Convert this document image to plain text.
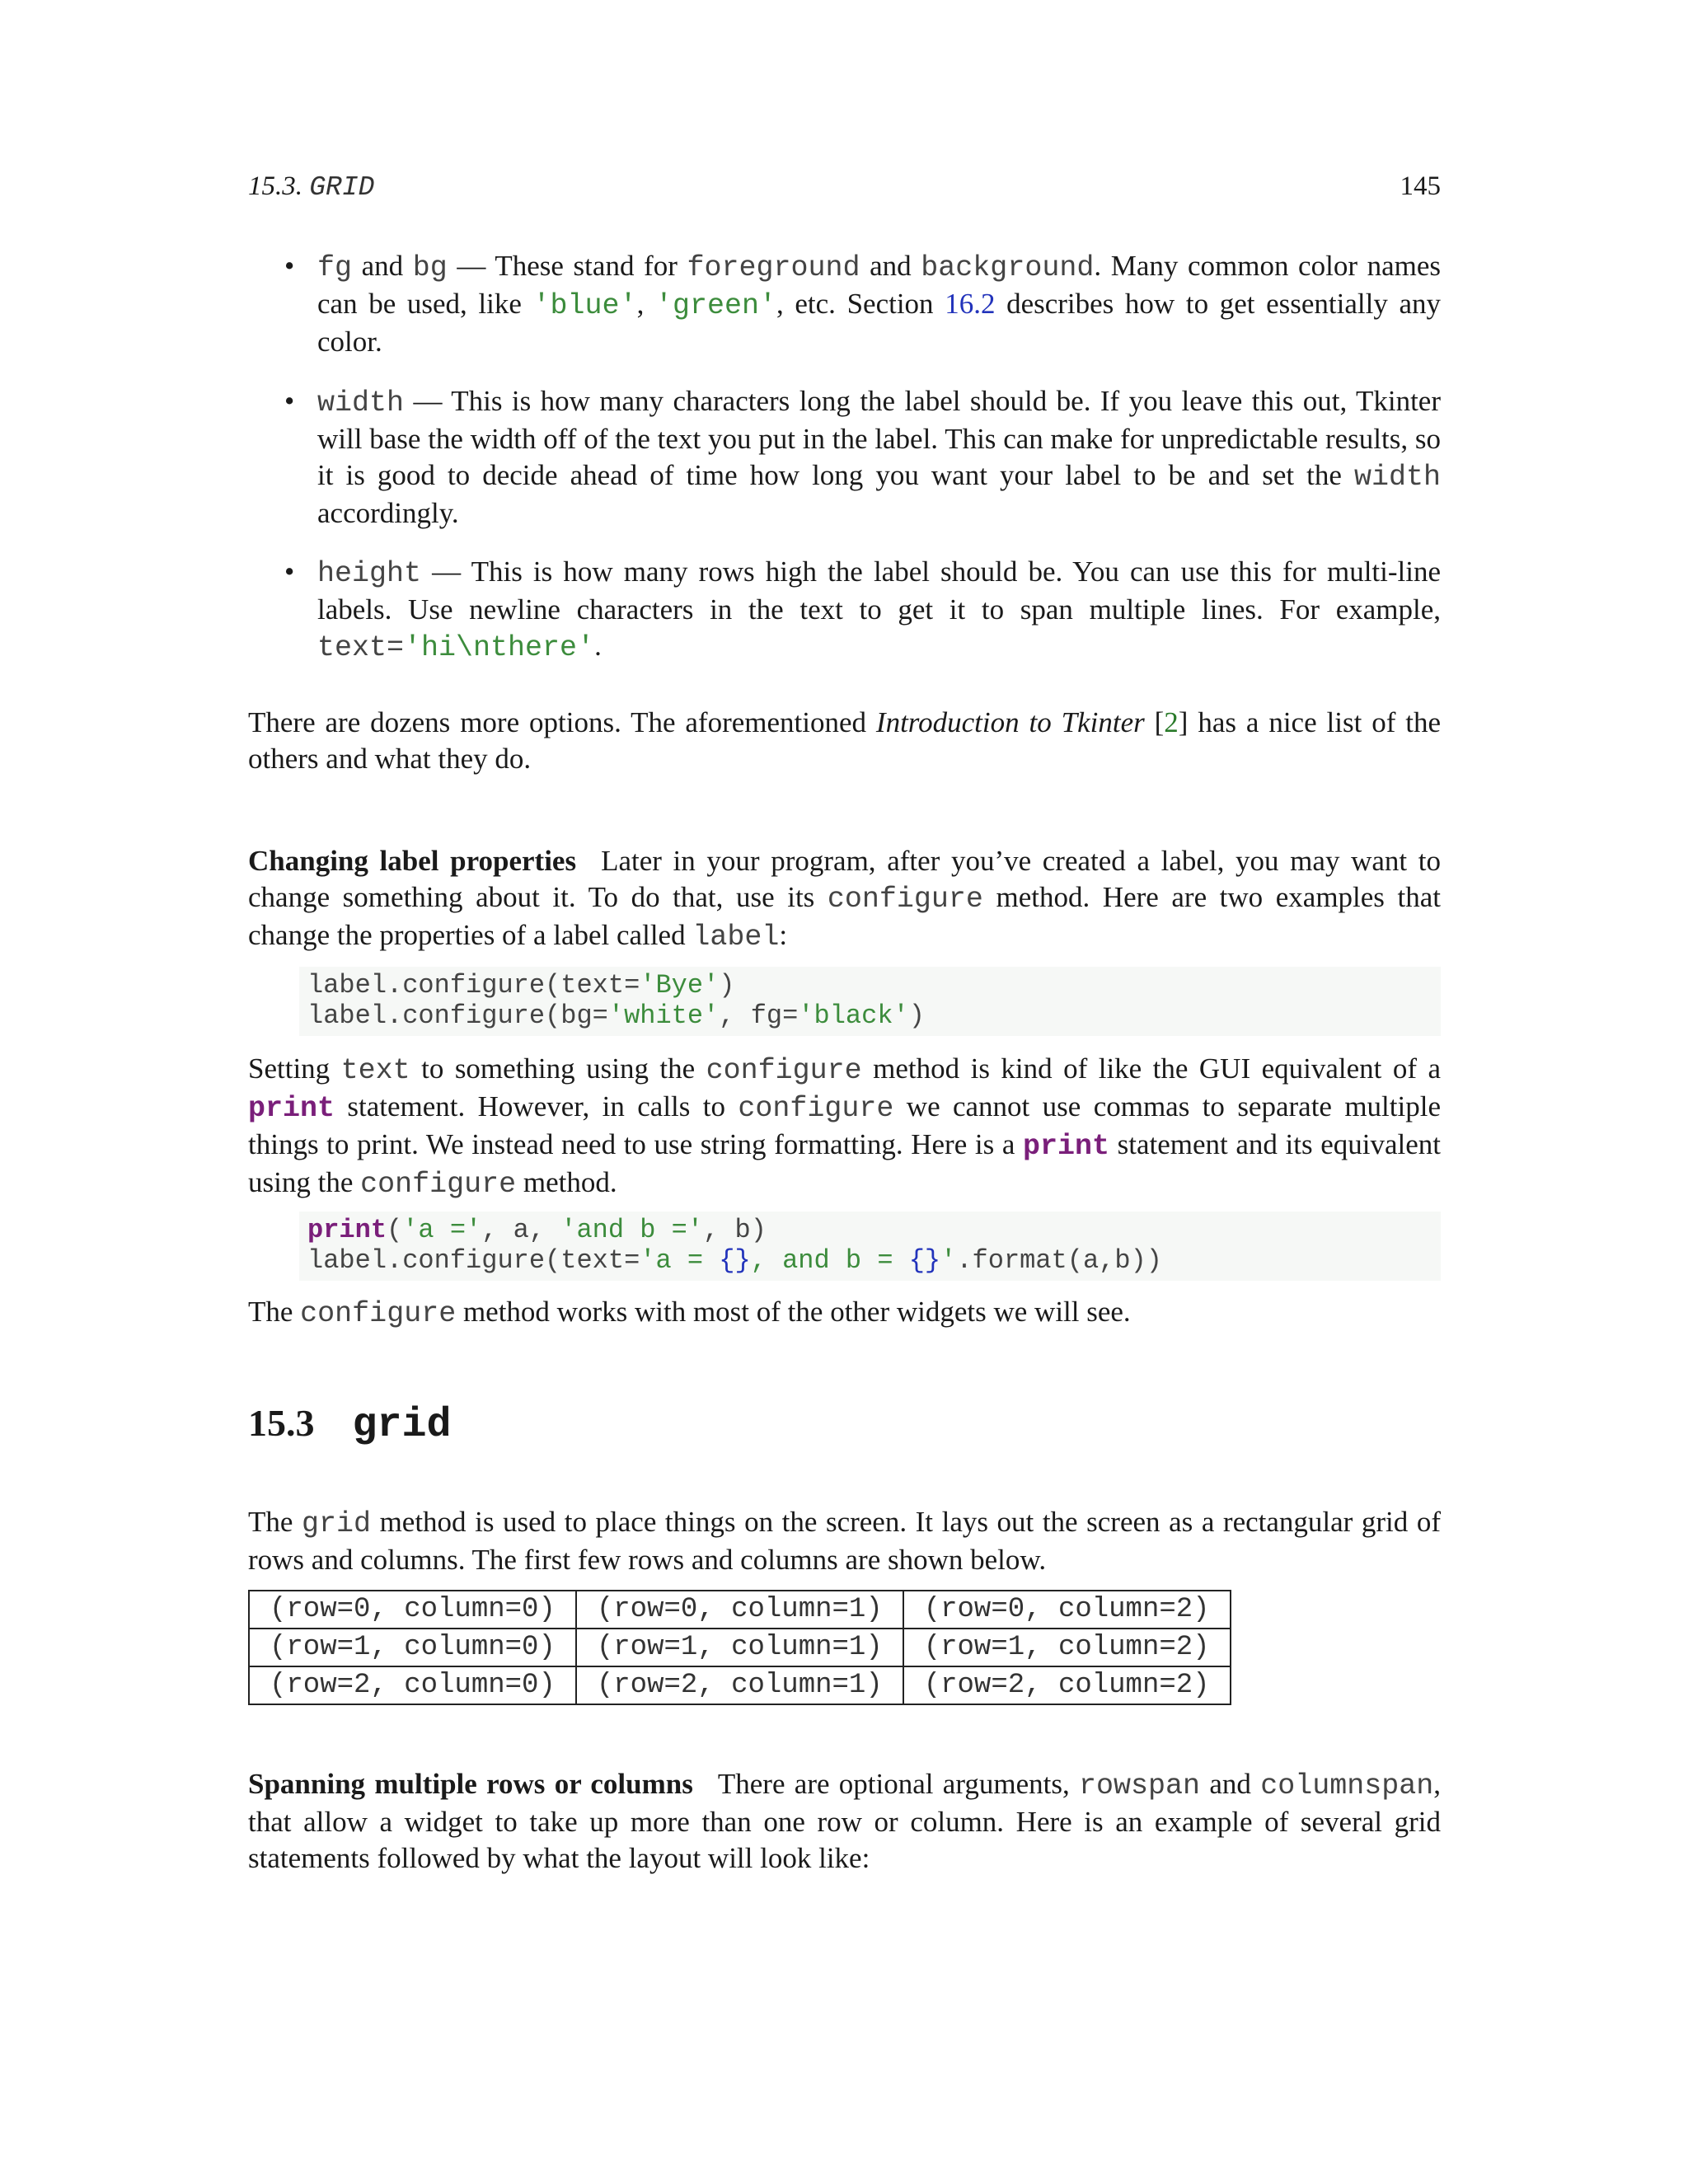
15.3. GRID	145
• fg and bg — These stand for foreground and background. Many common color names can be used, like 'blue', 'green', etc. Section 16.2 describes how to get essentially any color.
• width — This is how many characters long the label should be. If you leave this out, Tkinter will base the width off of the text you put in the label. This can make for unpredictable results, so it is good to decide ahead of time how long you want your label to be and set the width accordingly.
• height — This is how many rows high the label should be. You can use this for multi-line labels. Use newline characters in the text to get it to span multiple lines. For example, text='hi\nthere'.
There are dozens more options. The aforementioned Introduction to Tkinter [2] has a nice list of the others and what they do.
Changing label properties Later in your program, after you’ve created a label, you may want to change something about it. To do that, use its configure method. Here are two examples that change the properties of a label called label:
label.configure(text='Bye')
label.configure(bg='white', fg='black')
Setting text to something using the configure method is kind of like the GUI equivalent of a print statement. However, in calls to configure we cannot use commas to separate multiple things to print. We instead need to use string formatting. Here is a print statement and its equivalent using the configure method.
print('a =', a, 'and b =', b)
label.configure(text='a = {}, and b = {}'.format(a,b))
The configure method works with most of the other widgets we will see.
15.3 grid
The grid method is used to place things on the screen. It lays out the screen as a rectangular grid of rows and columns. The first few rows and columns are shown below.
(row=0, column=0)	(row=0, column=1)	(row=0, column=2)
(row=1, column=0)	(row=1, column=1)	(row=1, column=2)
(row=2, column=0)	(row=2, column=1)	(row=2, column=2)
Spanning multiple rows or columns There are optional arguments, rowspan and columnspan, that allow a widget to take up more than one row or column. Here is an example of several grid statements followed by what the layout will look like:
